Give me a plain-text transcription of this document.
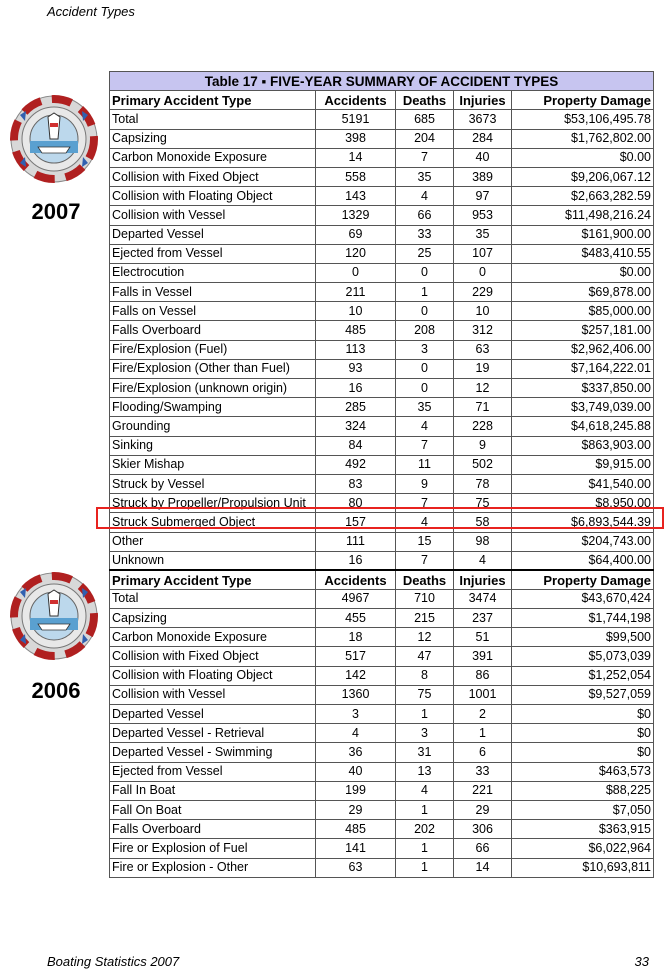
Accident Types
2007
2006
Table 17 ▪ FIVE-YEAR SUMMARY OF ACCIDENT TYPES				
Primary Accident Type	Accidents	Deaths	Injuries	Property Damage
Total	5191	685	3673	$53,106,495.78
Capsizing	398	204	284	$1,762,802.00
Carbon Monoxide Exposure	14	7	40	$0.00
Collision with Fixed Object	558	35	389	$9,206,067.12
Collision with Floating Object	143	4	97	$2,663,282.59
Collision with Vessel	1329	66	953	$11,498,216.24
Departed Vessel	69	33	35	$161,900.00
Ejected from Vessel	120	25	107	$483,410.55
Electrocution	0	0	0	$0.00
Falls in Vessel	211	1	229	$69,878.00
Falls on Vessel	10	0	10	$85,000.00
Falls Overboard	485	208	312	$257,181.00
Fire/Explosion (Fuel)	113	3	63	$2,962,406.00
Fire/Explosion (Other than Fuel)	93	0	19	$7,164,222.01
Fire/Explosion (unknown origin)	16	0	12	$337,850.00
Flooding/Swamping	285	35	71	$3,749,039.00
Grounding	324	4	228	$4,618,245.88
Sinking	84	7	9	$863,903.00
Skier Mishap	492	11	502	$9,915.00
Struck by Vessel	83	9	78	$41,540.00
Struck by Propeller/Propulsion Unit	80	7	75	$8,950.00
Struck Submerged Object	157	4	58	$6,893,544.39
Other	111	15	98	$204,743.00
Unknown	16	7	4	$64,400.00
Primary Accident Type	Accidents	Deaths	Injuries	Property Damage
Total	4967	710	3474	$43,670,424
Capsizing	455	215	237	$1,744,198
Carbon Monoxide Exposure	18	12	51	$99,500
Collision with Fixed Object	517	47	391	$5,073,039
Collision with Floating Object	142	8	86	$1,252,054
Collision with Vessel	1360	75	1001	$9,527,059
Departed Vessel	3	1	2	$0
Departed Vessel - Retrieval	4	3	1	$0
Departed Vessel - Swimming	36	31	6	$0
Ejected from Vessel	40	13	33	$463,573
Fall In Boat	199	4	221	$88,225
Fall On Boat	29	1	29	$7,050
Falls Overboard	485	202	306	$363,915
Fire or Explosion of Fuel	141	1	66	$6,022,964
Fire or Explosion - Other	63	1	14	$10,693,811
Boating Statistics 2007	33
